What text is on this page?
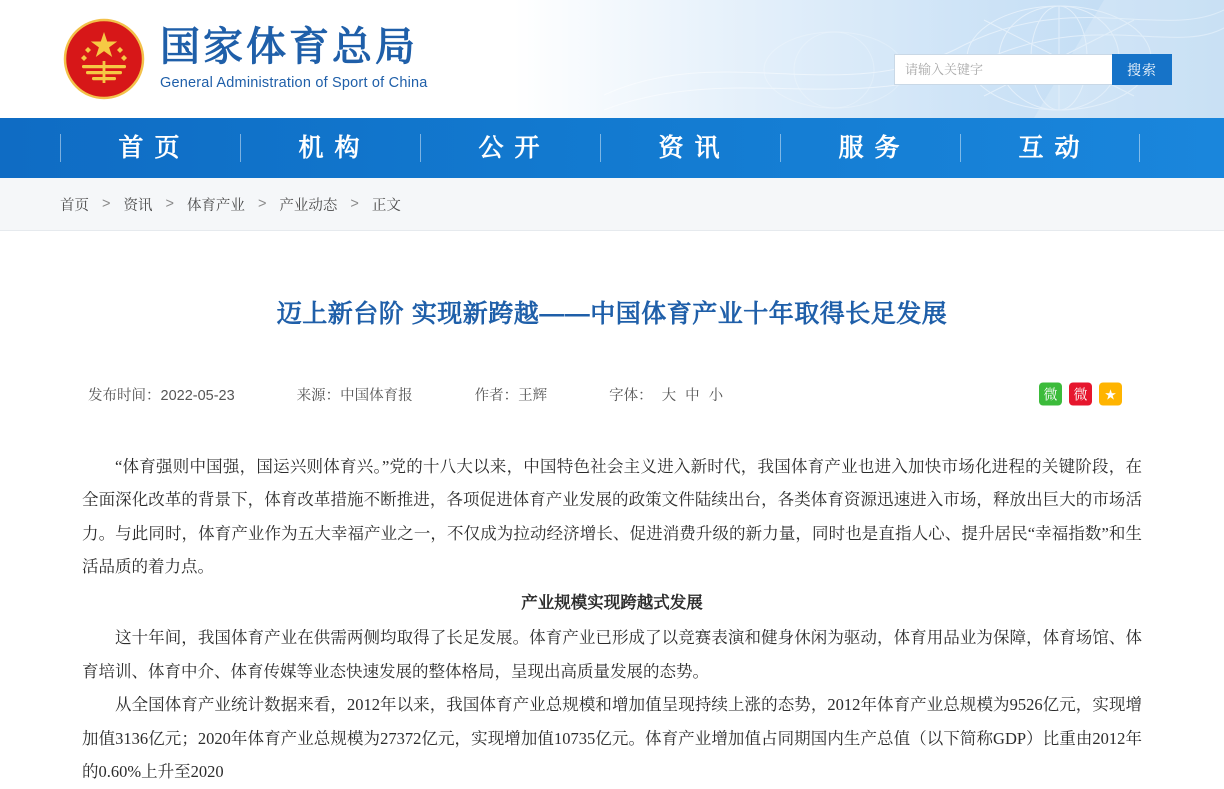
国家体育总局
General Administration of Sport of China
请输入关键字
搜索
首 页	机 构	公 开	资 讯	服 务	互 动
首页 > 资讯 > 体育产业 > 产业动态 > 正文
迈上新台阶 实现新跨越——中国体育产业十年取得长足发展
发布时间：2022-05-23	来源：中国体育报	作者：王辉	字体： 大 中 小	微	微	★

“体育强则中国强，国运兴则体育兴。”党的十八大以来，中国特色社会主义进入新时代，我国体育产业也进入加快市场化进程的关键阶段，在全面深化改革的背景下，体育改革措施不断推进，各项促进体育产业发展的政策文件陆续出台，各类体育资源迅速进入市场，释放出巨大的市场活力。与此同时，体育产业作为五大幸福产业之一，不仅成为拉动经济增长、促进消费升级的新力量，同时也是直指人心、提升居民“幸福指数”和生活品质的着力点。

产业规模实现跨越式发展

这十年间，我国体育产业在供需两侧均取得了长足发展。体育产业已形成了以竞赛表演和健身休闲为驱动，体育用品业为保障，体育场馆、体育培训、体育中介、体育传媒等业态快速发展的整体格局，呈现出高质量发展的态势。

从全国体育产业统计数据来看，2012年以来，我国体育产业总规模和增加值呈现持续上涨的态势，2012年体育产业总规模为9526亿元，实现增加值3136亿元；2020年体育产业总规模为27372亿元，实现增加值10735亿元。体育产业增加值占同期国内生产总值（以下简称GDP）比重由2012年的0.60%上升至2020
